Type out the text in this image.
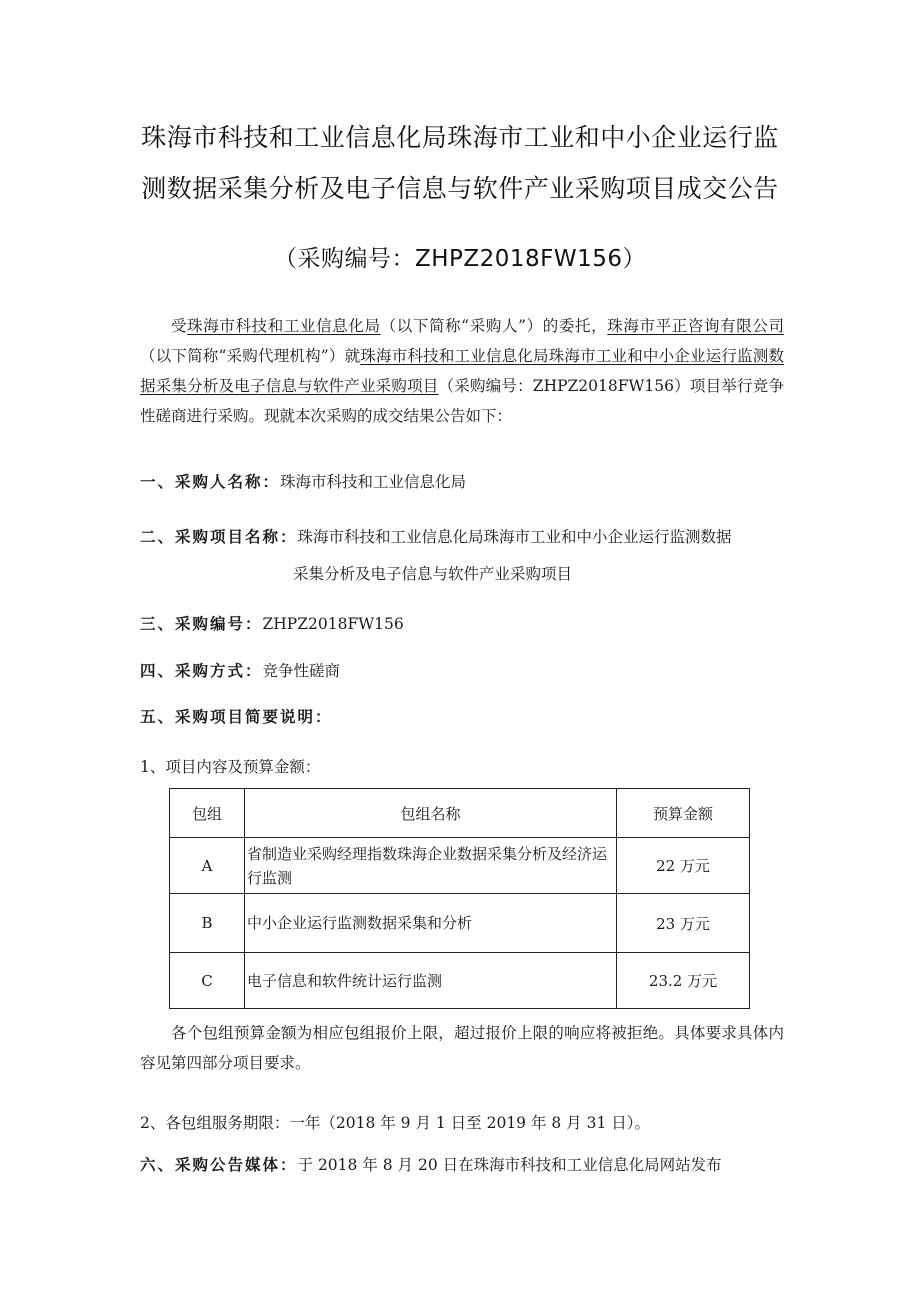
珠海市科技和工业信息化局珠海市工业和中小企业运行监
测数据采集分析及电子信息与软件产业采购项目成交公告
（采购编号：ZHPZ2018FW156）
受珠海市科技和工业信息化局（以下简称“采购人”）的委托，珠海市平正咨询有限公司（以下简称“采购代理机构”）就珠海市科技和工业信息化局珠海市工业和中小企业运行监测数据采集分析及电子信息与软件产业采购项目（采购编号：ZHPZ2018FW156）项目举行竞争性磋商进行采购。现就本次采购的成交结果公告如下：
一、采购人名称：珠海市科技和工业信息化局
二、采购项目名称：珠海市科技和工业信息化局珠海市工业和中小企业运行监测数据
采集分析及电子信息与软件产业采购项目
三、采购编号：ZHPZ2018FW156
四、采购方式：竞争性磋商
五、采购项目简要说明：
1、项目内容及预算金额：
包组	包组名称	预算金额
A	省制造业采购经理指数珠海企业数据采集分析及经济运行监测	22 万元
B	中小企业运行监测数据采集和分析	23 万元
C	电子信息和软件统计运行监测	23.2 万元
各个包组预算金额为相应包组报价上限，超过报价上限的响应将被拒绝。具体要求具体内容见第四部分项目要求。
2、各包组服务期限：一年（2018 年 9 月 1 日至 2019 年 8 月 31 日）。
六、采购公告媒体：于 2018 年 8 月 20 日在珠海市科技和工业信息化局网站发布
